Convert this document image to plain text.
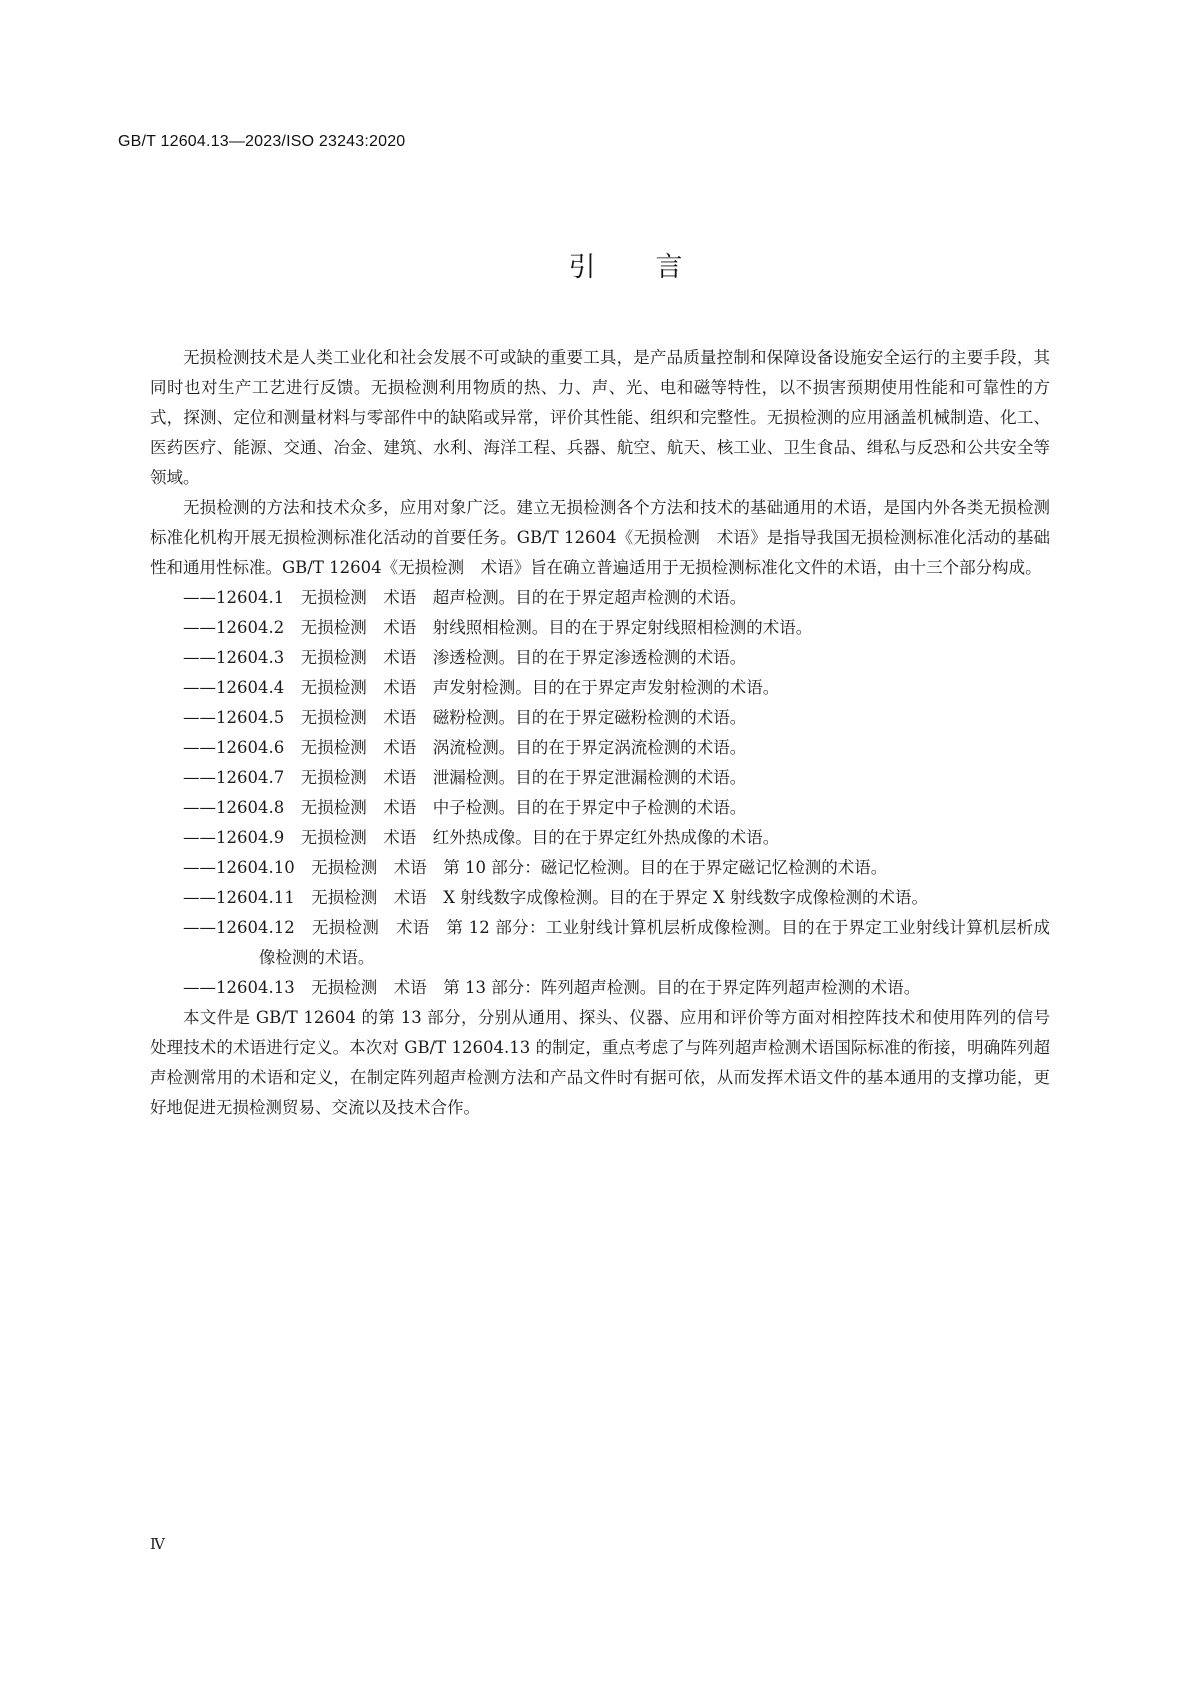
GB/T 12604.13—2023/ISO 23243:2020
引言

无损检测技术是人类工业化和社会发展不可或缺的重要工具，是产品质量控制和保障设备设施安全运行的主要手段，其同时也对生产工艺进行反馈。无损检测利用物质的热、力、声、光、电和磁等特性，以不损害预期使用性能和可靠性的方式，探测、定位和测量材料与零部件中的缺陷或异常，评价其性能、组织和完整性。无损检测的应用涵盖机械制造、化工、医药医疗、能源、交通、冶金、建筑、水利、海洋工程、兵器、航空、航天、核工业、卫生食品、缉私与反恐和公共安全等领域。

无损检测的方法和技术众多，应用对象广泛。建立无损检测各个方法和技术的基础通用的术语，是国内外各类无损检测标准化机构开展无损检测标准化活动的首要任务。GB/T 12604《无损检测　术语》是指导我国无损检测标准化活动的基础性和通用性标准。GB/T 12604《无损检测　术语》旨在确立普遍适用于无损检测标准化文件的术语，由十三个部分构成。

——12604.1　无损检测　术语　超声检测。目的在于界定超声检测的术语。

——12604.2　无损检测　术语　射线照相检测。目的在于界定射线照相检测的术语。

——12604.3　无损检测　术语　渗透检测。目的在于界定渗透检测的术语。

——12604.4　无损检测　术语　声发射检测。目的在于界定声发射检测的术语。

——12604.5　无损检测　术语　磁粉检测。目的在于界定磁粉检测的术语。

——12604.6　无损检测　术语　涡流检测。目的在于界定涡流检测的术语。

——12604.7　无损检测　术语　泄漏检测。目的在于界定泄漏检测的术语。

——12604.8　无损检测　术语　中子检测。目的在于界定中子检测的术语。

——12604.9　无损检测　术语　红外热成像。目的在于界定红外热成像的术语。

——12604.10　无损检测　术语　第 10 部分：磁记忆检测。目的在于界定磁记忆检测的术语。

——12604.11　无损检测　术语　X 射线数字成像检测。目的在于界定 X 射线数字成像检测的术语。

——12604.12　无损检测　术语　第 12 部分：工业射线计算机层析成像检测。目的在于界定工业射线计算机层析成像检测的术语。

——12604.13　无损检测　术语　第 13 部分：阵列超声检测。目的在于界定阵列超声检测的术语。

本文件是 GB/T 12604 的第 13 部分，分别从通用、探头、仪器、应用和评价等方面对相控阵技术和使用阵列的信号处理技术的术语进行定义。本次对 GB/T 12604.13 的制定，重点考虑了与阵列超声检测术语国际标准的衔接，明确阵列超声检测常用的术语和定义，在制定阵列超声检测方法和产品文件时有据可依，从而发挥术语文件的基本通用的支撑功能，更好地促进无损检测贸易、交流以及技术合作。

Ⅳ
